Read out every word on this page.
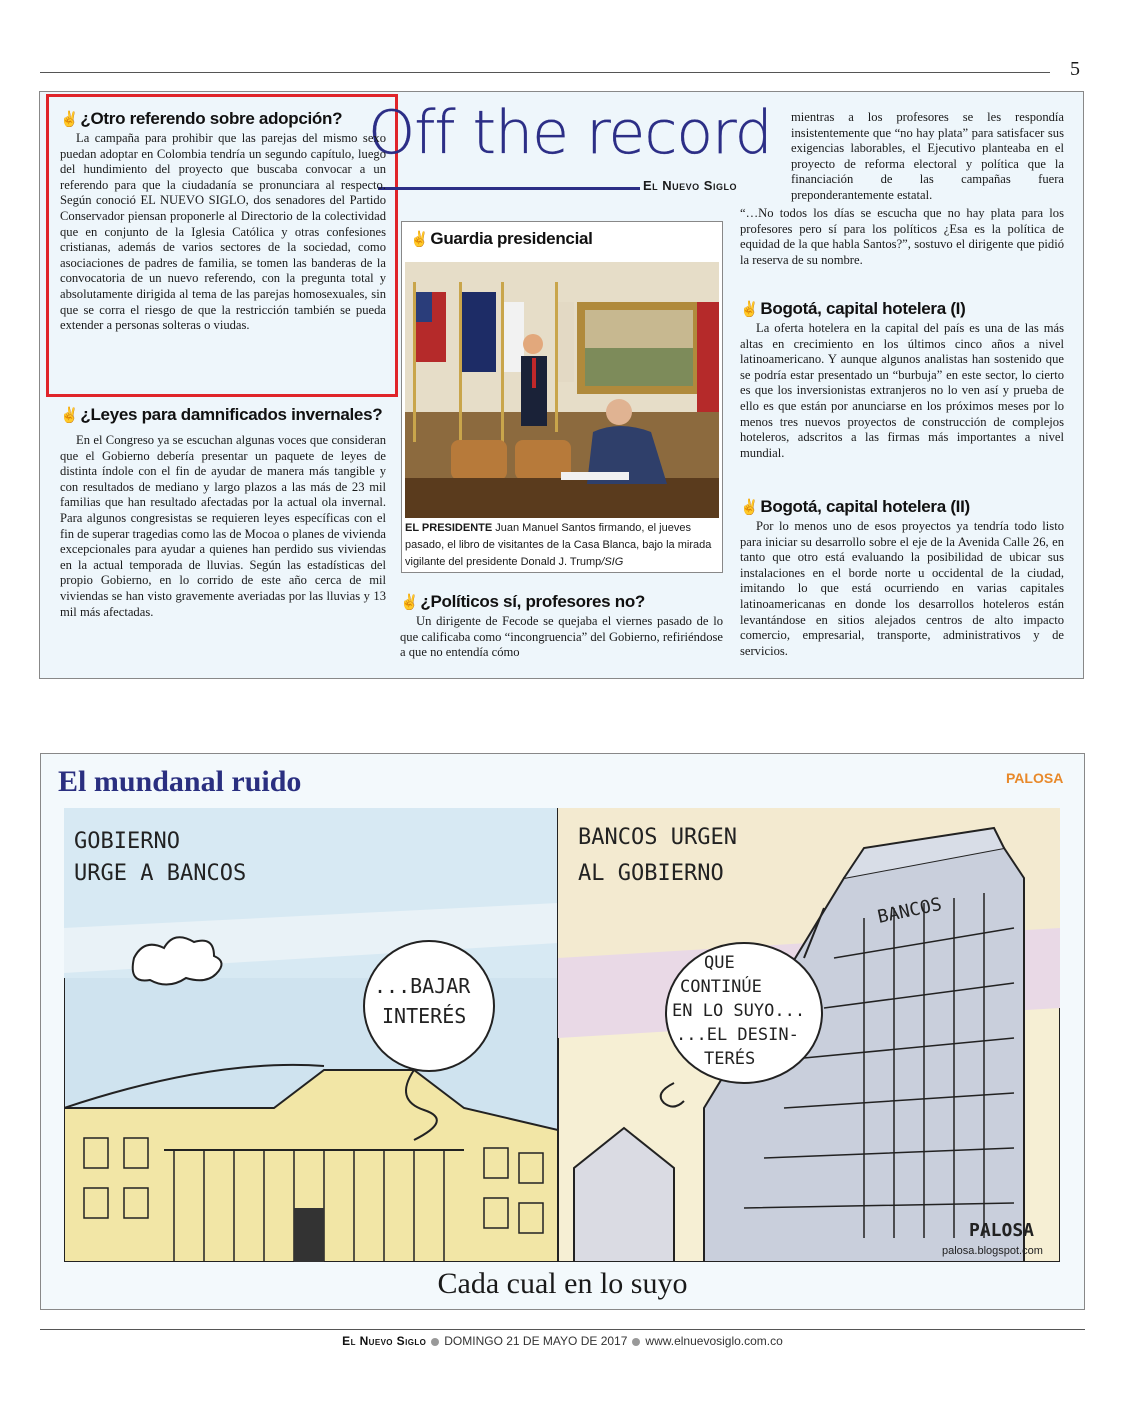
5
Off the record
El Nuevo Siglo
✌ ¿Otro referendo sobre adopción?

La campaña para prohibir que las parejas del mismo sexo puedan adoptar en Colombia tendría un segundo capítulo, luego del hundimiento del proyecto que buscaba convocar a un referendo para que la ciudadanía se pronunciara al respecto. Según conoció EL NUEVO SIGLO, dos senadores del Partido Conservador piensan proponerle al Directorio de la colectividad que en conjunto de la Iglesia Católica y otras confesiones cristianas, además de varios sectores de la sociedad, como asociaciones de padres de familia, se tomen las banderas de la convocatoria de un nuevo referendo, con la pregunta total y absolutamente dirigida al tema de las parejas homosexuales, sin que se corra el riesgo de que la restricción también se pueda extender a personas solteras o viudas.

✌ ¿Leyes para damnificados invernales?

En el Congreso ya se escuchan algunas voces que consideran que el Gobierno debería presentar un paquete de leyes de distinta índole con el fin de ayudar de manera más tangible y con resultados de mediano y largo plazos a las más de 23 mil familias que han resultado afectadas por la actual ola invernal. Para algunos congresistas se requieren leyes específicas con el fin de superar tragedias como las de Mocoa o planes de vivienda excepcionales para ayudar a quienes han perdido sus viviendas en la actual temporada de lluvias. Según las estadísticas del propio Gobierno, en lo corrido de este año cerca de mil viviendas se han visto gravemente averiadas por las lluvias y 13 mil más afectadas.

✌ Guardia presidencial
EL PRESIDENTE Juan Manuel Santos firmando, el jueves pasado, el libro de visitantes de la Casa Blanca, bajo la mirada vigilante del presidente Donald J. Trump/SIG
✌ ¿Políticos sí, profesores no?

Un dirigente de Fecode se quejaba el viernes pasado de lo que calificaba como “incongruencia” del Gobierno, refiriéndose a que no entendía cómo

mientras a los profesores se les respondía insistentemente que “no hay plata” para satisfacer sus exigencias laborables, el Ejecutivo planteaba en el proyecto de reforma electoral y política que la financiación de las campañas fuera preponderantemente estatal.

“…No todos los días se escucha que no hay plata para los profesores pero sí para los políticos ¿Esa es la política de equidad de la que habla Santos?”, sostuvo el dirigente que pidió la reserva de su nombre.

✌ Bogotá, capital hotelera (I)

La oferta hotelera en la capital del país es una de las más altas en crecimiento en los últimos cinco años a nivel latinoamericano. Y aunque algunos analistas han sostenido que se podría estar presentado un “burbuja” en este sector, lo cierto es que los inversionistas extranjeros no lo ven así y prueba de ello es que están por anunciarse en los próximos meses por lo menos tres nuevos proyectos de construcción de complejos hoteleros, adscritos a las firmas más importantes a nivel mundial.

✌ Bogotá, capital hotelera (II)

Por lo menos uno de esos proyectos ya tendría todo listo para iniciar su desarrollo sobre el eje de la Avenida Calle 26, en tanto que otro está evaluando la posibilidad de ubicar sus instalaciones en el borde norte u occidental de la ciudad, imitando lo que está ocurriendo en varias capitales latinoamericanas en donde los desarrollos hoteleros están levantándose en sitios alejados centros de alto impacto comercio, empresarial, transporte, administrativos y de servicios.

El mundanal ruido	PALOSA
GOBIERNO
URGE A BANCOS
...BAJAR
INTERÉS
BANCOS URGEN
AL GOBIERNO
BANCOS
QUE
CONTINÚE
EN LO SUYO...
...EL DESIN-
TERÉS
PALOSA
palosa.blogspot.com
Cada cual en lo suyo
El Nuevo Siglo DOMINGO 21 DE MAYO DE 2017 www.elnuevosiglo.com.co
